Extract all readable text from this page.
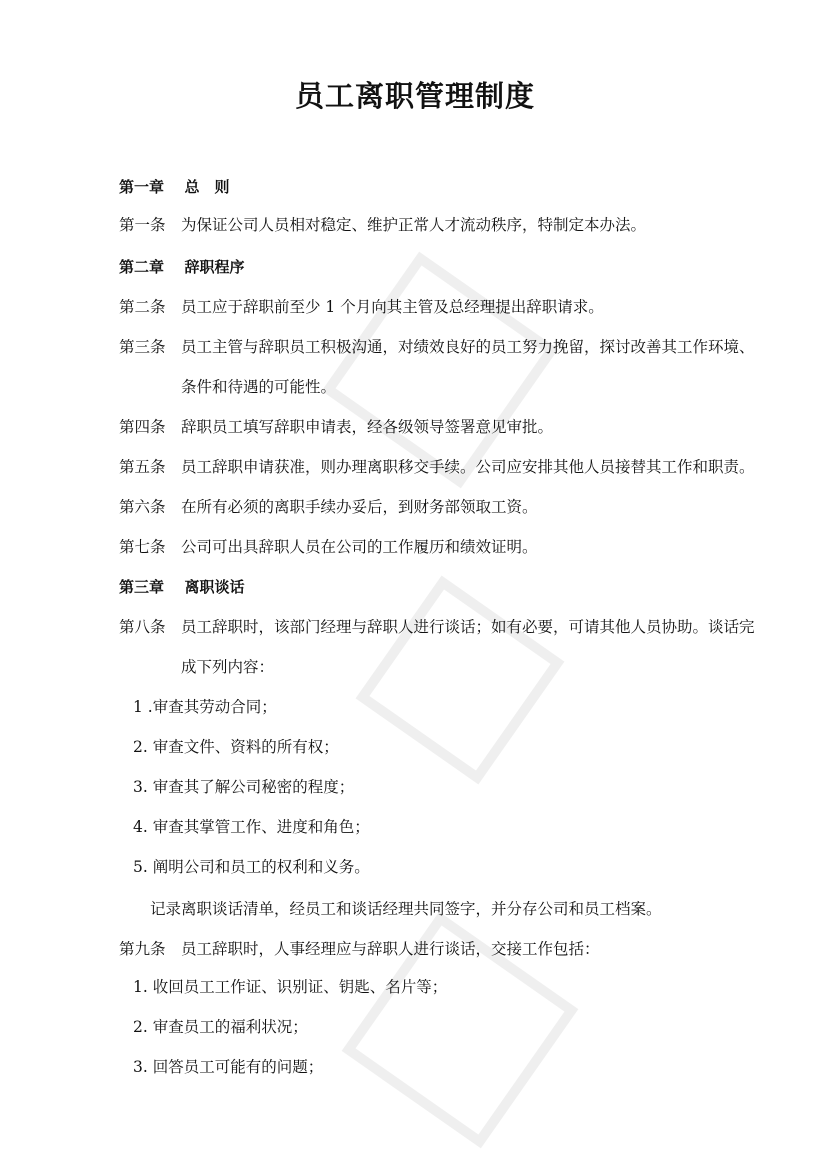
员工离职管理制度
第一章 总　则
第一条 为保证公司人员相对稳定、维护正常人才流动秩序，特制定本办法。
第二章 辞职程序
第二条 员工应于辞职前至少 1 个月向其主管及总经理提出辞职请求。
第三条 员工主管与辞职员工积极沟通，对绩效良好的员工努力挽留，探讨改善其工作环境、
条件和待遇的可能性。
第四条 辞职员工填写辞职申请表，经各级领导签署意见审批。
第五条 员工辞职申请获准，则办理离职移交手续。公司应安排其他人员接替其工作和职责。
第六条 在所有必须的离职手续办妥后，到财务部领取工资。
第七条 公司可出具辞职人员在公司的工作履历和绩效证明。
第三章 离职谈话
第八条 员工辞职时，该部门经理与辞职人进行谈话；如有必要，可请其他人员协助。谈话完
成下列内容：
1 .审查其劳动合同；
2. 审查文件、资料的所有权；
3. 审查其了解公司秘密的程度；
4. 审查其掌管工作、进度和角色；
5. 阐明公司和员工的权利和义务。
记录离职谈话清单，经员工和谈话经理共同签字，并分存公司和员工档案。
第九条 员工辞职时，人事经理应与辞职人进行谈话，交接工作包括：
1. 收回员工工作证、识别证、钥匙、名片等；
2. 审查员工的福利状况；
3. 回答员工可能有的问题；
